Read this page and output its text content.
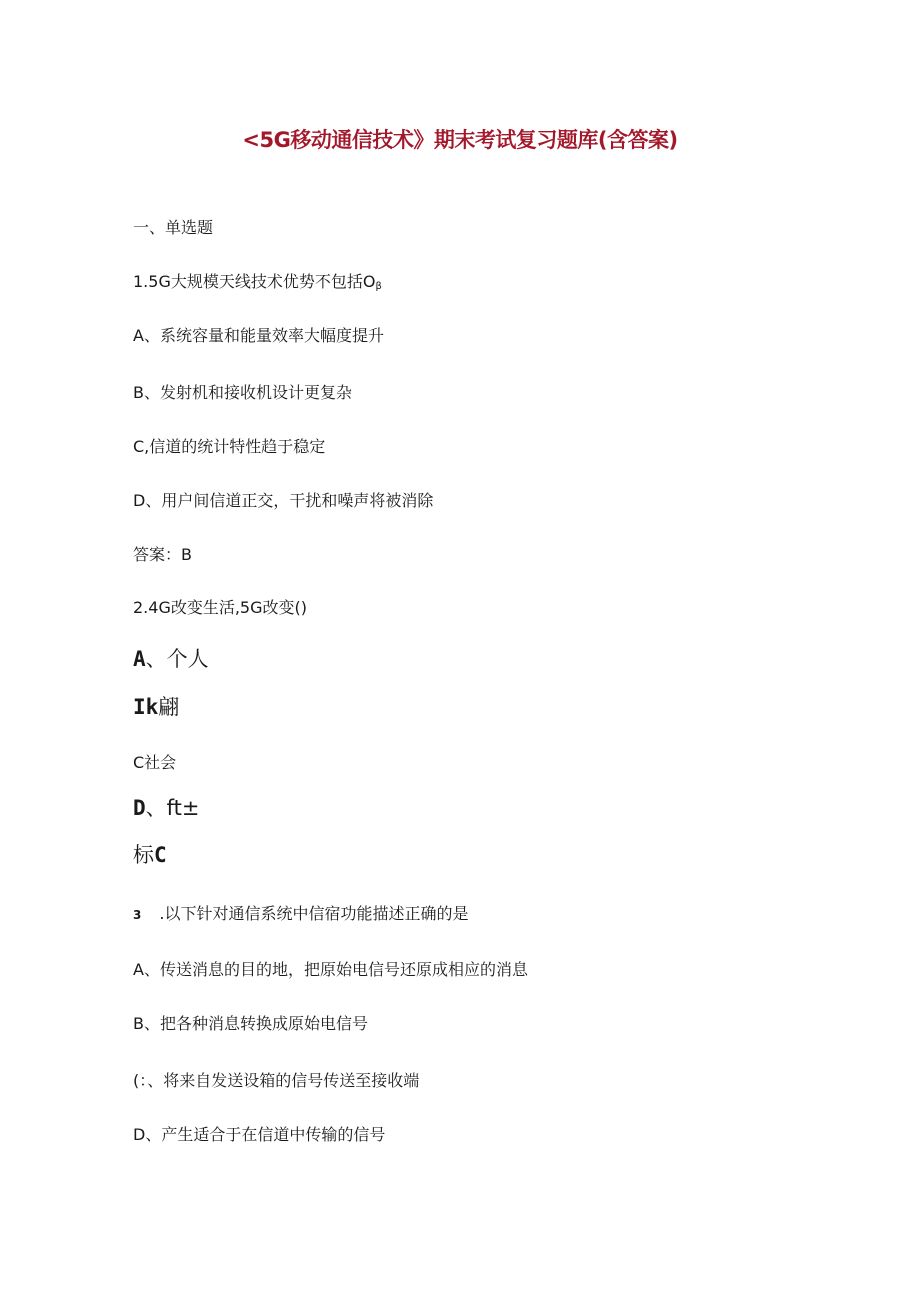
<5G移动通信技术》期末考试复习题库(含答案)
一、单选题
1.5G大规模天线技术优势不包括$O_\beta$
A、系统容量和能量效率大幅度提升
B、发射机和接收机设计更复杂
C,信道的统计特性趋于稳定
D、用户间信道正交，干扰和噪声将被消除
答案：B
2.4G改变生活,5G改变()
A、个人
Ik翩
C社会
D、ft±
标C
3 .以下针对通信系统中信宿功能描述正确的是
A、传送消息的目的地，把原始电信号还原成相应的消息
B、把各种消息转换成原始电信号
(：、将来自发送设箱的信号传送至接收端
D、产生适合于在信道中传输的信号
